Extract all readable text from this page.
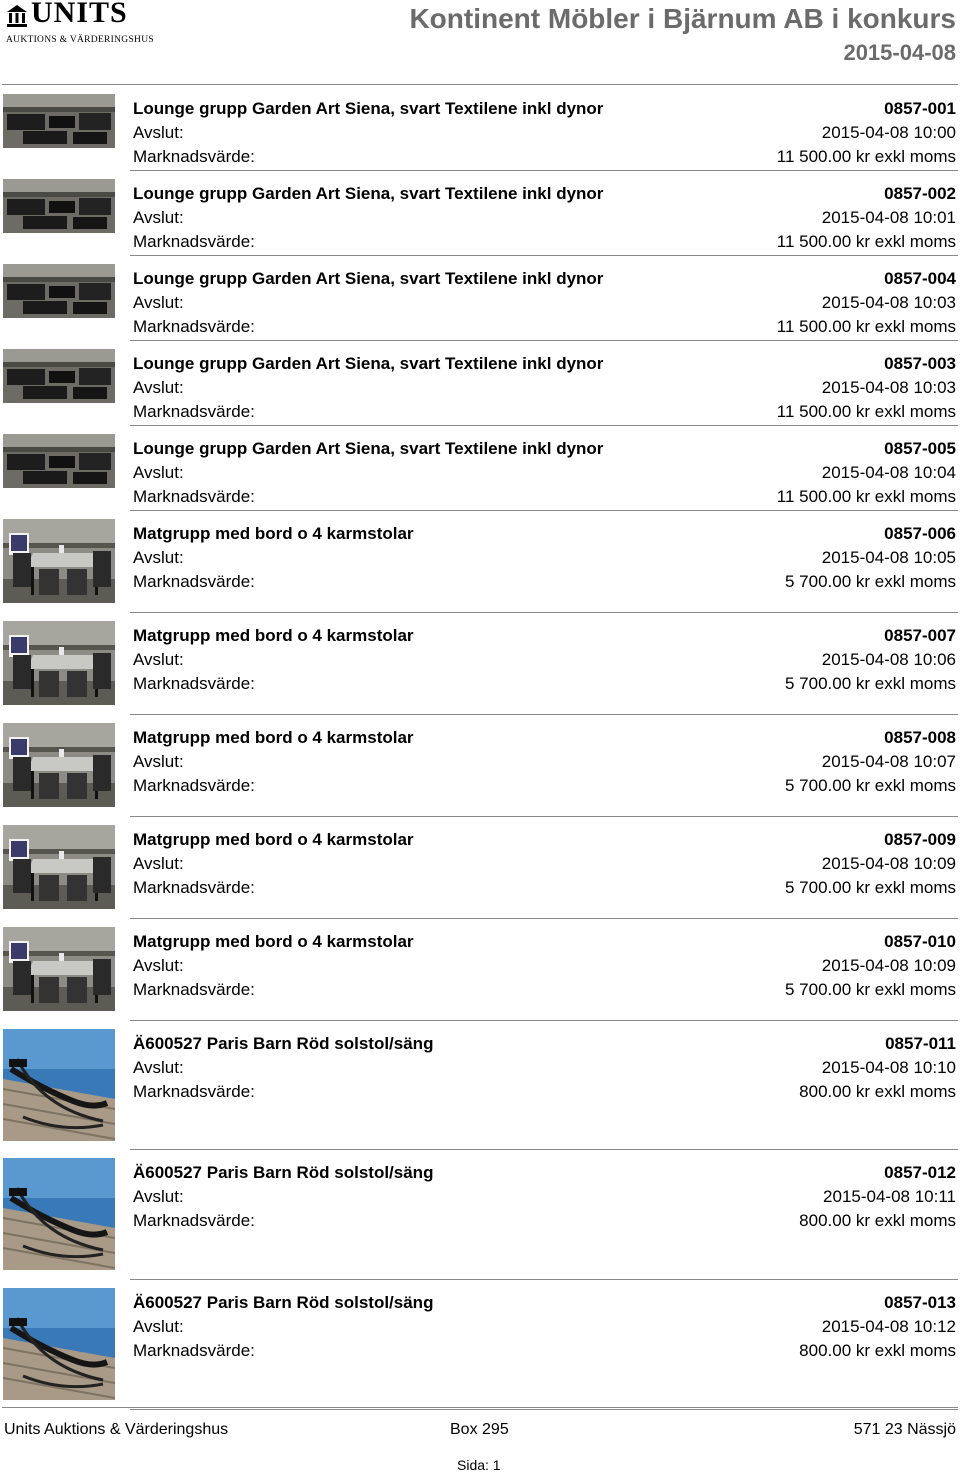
UNITS
AUKTIONS & VÄRDERINGSHUS
Kontinent Möbler i Bjärnum AB i konkurs
2015-04-08
Lounge grupp Garden Art Siena, svart Textilene inkl dynor	0857-001
Avslut:	2015-04-08 10:00
Marknadsvärde:	11 500.00 kr exkl moms
Lounge grupp Garden Art Siena, svart Textilene inkl dynor	0857-002
Avslut:	2015-04-08 10:01
Marknadsvärde:	11 500.00 kr exkl moms
Lounge grupp Garden Art Siena, svart Textilene inkl dynor	0857-004
Avslut:	2015-04-08 10:03
Marknadsvärde:	11 500.00 kr exkl moms
Lounge grupp Garden Art Siena, svart Textilene inkl dynor	0857-003
Avslut:	2015-04-08 10:03
Marknadsvärde:	11 500.00 kr exkl moms
Lounge grupp Garden Art Siena, svart Textilene inkl dynor	0857-005
Avslut:	2015-04-08 10:04
Marknadsvärde:	11 500.00 kr exkl moms
Matgrupp med bord o 4 karmstolar	0857-006
Avslut:	2015-04-08 10:05
Marknadsvärde:	5 700.00 kr exkl moms
Matgrupp med bord o 4 karmstolar	0857-007
Avslut:	2015-04-08 10:06
Marknadsvärde:	5 700.00 kr exkl moms
Matgrupp med bord o 4 karmstolar	0857-008
Avslut:	2015-04-08 10:07
Marknadsvärde:	5 700.00 kr exkl moms
Matgrupp med bord o 4 karmstolar	0857-009
Avslut:	2015-04-08 10:09
Marknadsvärde:	5 700.00 kr exkl moms
Matgrupp med bord o 4 karmstolar	0857-010
Avslut:	2015-04-08 10:09
Marknadsvärde:	5 700.00 kr exkl moms
Ä600527 Paris Barn Röd solstol/säng	0857-011
Avslut:	2015-04-08 10:10
Marknadsvärde:	800.00 kr exkl moms
Ä600527 Paris Barn Röd solstol/säng	0857-012
Avslut:	2015-04-08 10:11
Marknadsvärde:	800.00 kr exkl moms
Ä600527 Paris Barn Röd solstol/säng	0857-013
Avslut:	2015-04-08 10:12
Marknadsvärde:	800.00 kr exkl moms
Units Auktions & Värderingshus	Box 295	571 23 Nässjö
Sida: 1
